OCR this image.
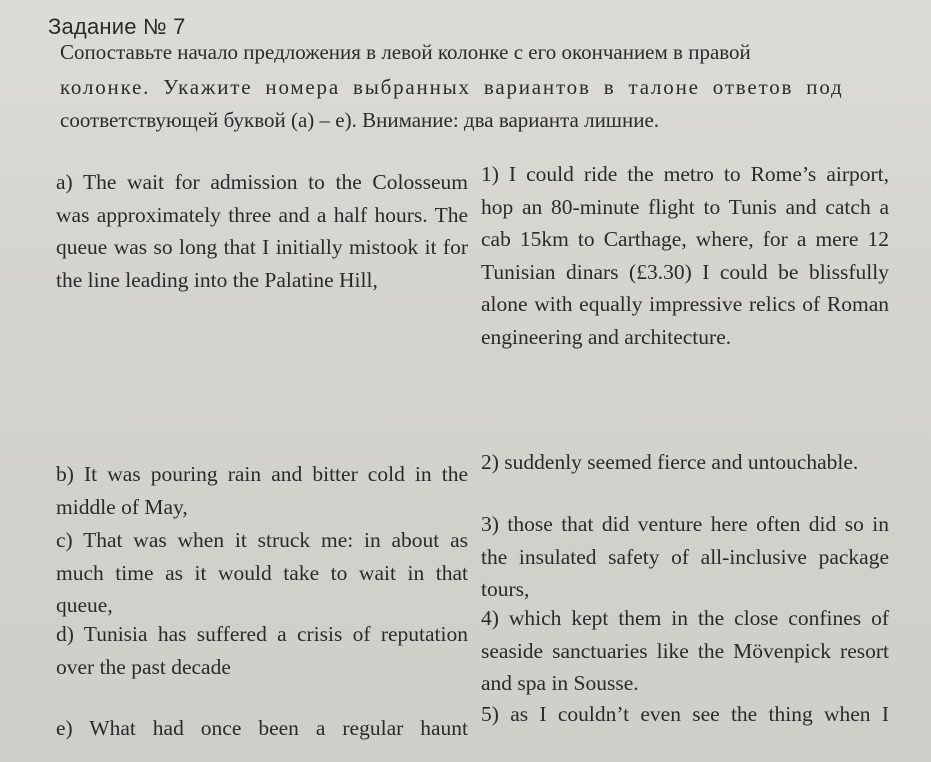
Задание № 7
Сопоставьте начало предложения в левой колонке с его окончанием в правой
колонке. Укажите номера выбранных вариантов в талоне ответов под
соответствующей буквой (a) – e). Внимание: два варианта лишние.

a) The wait for admission to the Colosseum was approximately three and a half hours. The queue was so long that I initially mistook it for the line leading into the Palatine Hill,

b) It was pouring rain and bitter cold in the middle of May,

c) That was when it struck me: in about as much time as it would take to wait in that queue,

d) Tunisia has suffered a crisis of reputation over the past decade

e) What had once been a regular haunt

1) I could ride the metro to Rome’s airport, hop an 80-minute flight to Tunis and catch a cab 15km to Carthage, where, for a mere 12 Tunisian dinars (£3.30) I could be blissfully alone with equally impressive relics of Roman engineering and architecture.

2) suddenly seemed fierce and untouchable.

3) those that did venture here often did so in the insulated safety of all-inclusive package tours,

4) which kept them in the close confines of seaside sanctuaries like the Mövenpick resort and spa in Sousse.

5) as I couldn’t even see the thing when I
